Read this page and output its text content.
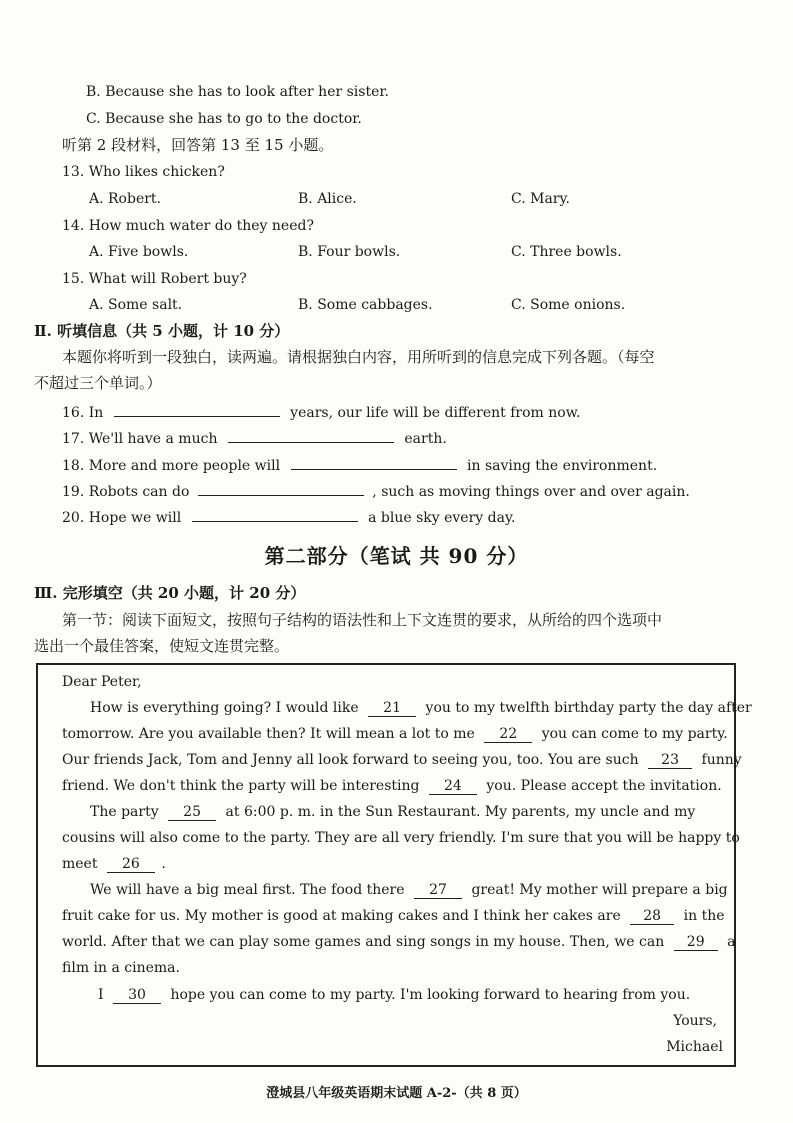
B. Because she has to look after her sister.
C. Because she has to go to the doctor.
听第 2 段材料，回答第 13 至 15 小题。
13. Who likes chicken?
A. Robert.	B. Alice.	C. Mary.
14. How much water do they need?
A. Five bowls.	B. Four bowls.	C. Three bowls.
15. What will Robert buy?
A. Some salt.	B. Some cabbages.	C. Some onions.
Ⅱ. 听填信息（共 5 小题，计 10 分）
本题你将听到一段独白，读两遍。请根据独白内容，用所听到的信息完成下列各题。（每空
不超过三个单词。）
16. In	years, our life will be different from now.
17. We'll have a much	earth.
18. More and more people will	in saving the environment.
19. Robots can do	, such as moving things over and over again.
20. Hope we will	a blue sky every day.
第二部分（笔试 共 90 分）
Ⅲ. 完形填空（共 20 小题，计 20 分）
第一节：阅读下面短文，按照句子结构的语法性和上下文连贯的要求，从所给的四个选项中
选出一个最佳答案，使短文连贯完整。
Dear Peter,
How is everything going? I would like 21 you to my twelfth birthday party the day after
tomorrow. Are you available then? It will mean a lot to me 22 you can come to my party.
Our friends Jack, Tom and Jenny all look forward to seeing you, too. You are such 23 funny
friend. We don't think the party will be interesting 24 you. Please accept the invitation.
The party 25 at 6:00 p. m. in the Sun Restaurant. My parents, my uncle and my
cousins will also come to the party. They are all very friendly. I'm sure that you will be happy to
meet 26 .
We will have a big meal first. The food there 27 great! My mother will prepare a big
fruit cake for us. My mother is good at making cakes and I think her cakes are 28 in the
world. After that we can play some games and sing songs in my house. Then, we can 29 a
film in a cinema.
I 30 hope you can come to my party. I'm looking forward to hearing from you.
Yours,
Michael
澄城县八年级英语期末试题 A-2-（共 8 页）
